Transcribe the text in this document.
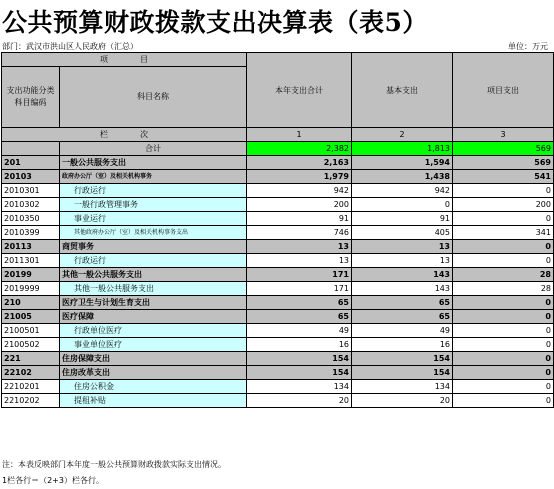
公共预算财政拨款支出决算表（表5）
部门：武汉市洪山区人民政府（汇总）	单位：万元
项　　　　目		本年支出合计	基本支出	项目支出
支出功能分类科目编码	科目名称			
栏　　　　次		1	2	3
	合计	2,382	1,813	569
201	一般公共服务支出	2,163	1,594	569
20103	政府办公厅（室）及相关机构事务	1,979	1,438	541
2010301	行政运行	942	942	0
2010302	一般行政管理事务	200	0	200
2010350	事业运行	91	91	0
2010399	其他政府办公厅（室）及相关机构事务支出	746	405	341
20113	商贸事务	13	13	0
2011301	行政运行	13	13	0
20199	其他一般公共服务支出	171	143	28
2019999	其他一般公共服务支出	171	143	28
210	医疗卫生与计划生育支出	65	65	0
21005	医疗保障	65	65	0
2100501	行政单位医疗	49	49	0
2100502	事业单位医疗	16	16	0
221	住房保障支出	154	154	0
22102	住房改革支出	154	154	0
2210201	住房公积金	134	134	0
2210202	提租补贴	20	20	0
注：本表反映部门本年度一般公共预算财政拨款实际支出情况。
1栏各行＝（2+3）栏各行。
